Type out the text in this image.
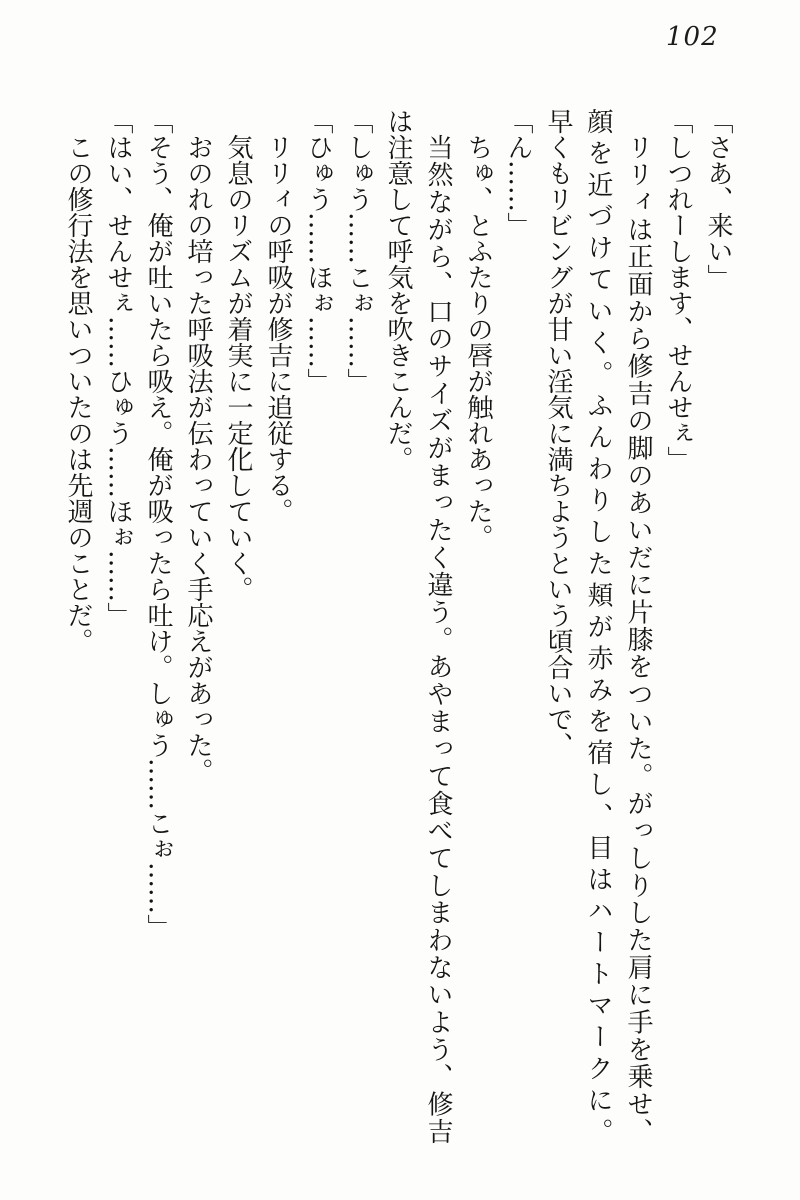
102

「さあ、来い」

「しつれーします、せんせぇ」

リリィは正面から修吉の脚のあいだに片膝をついた。がっしりした肩に手を乗せ、

顔を近づけていく。ふんわりした頬が赤みを宿し、目はハートマークに。

早くもリビングが甘い淫気に満ちようという頃合いで、

「ん……」

ちゅ、とふたりの唇が触れあった。

当然ながら、口のサイズがまったく違う。あやまって食べてしまわないよう、修吉

は注意して呼気を吹きこんだ。

「しゅう……こぉ……」

「ひゅう……ほぉ……」

リリィの呼吸が修吉に追従する。

気息のリズムが着実に一定化していく。

おのれの培った呼吸法が伝わっていく手応えがあった。

「そう、俺が吐いたら吸え。俺が吸ったら吐け。しゅう……こぉ……」

「はい、せんせぇ……ひゅう……ほぉ……」

この修行法を思いついたのは先週のことだ。
